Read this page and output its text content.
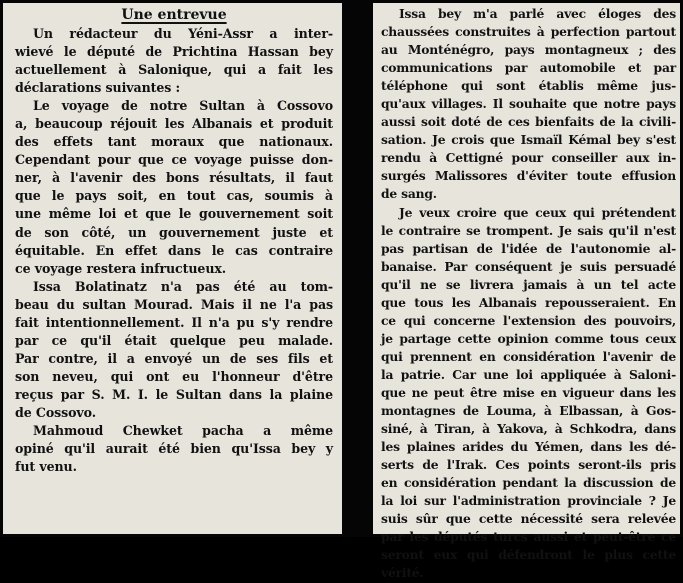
Une entrevue
Un rédacteur du Yéni-Assr a inter-
wievé le député de Prichtina Hassan bey
actuellement à Salonique, qui a fait les
déclarations suivantes :
Le voyage de notre Sultan à Cossovo
a, beaucoup réjouit les Albanais et produit
des effets tant moraux que nationaux.
Cependant pour que ce voyage puisse don-
ner, à l'avenir des bons résultats, il faut
que le pays soit, en tout cas, soumis à
une même loi et que le gouvernement soit
de son côté, un gouvernement juste et
équitable. En effet dans le cas contraire
ce voyage restera infructueux.
Issa Bolatinatz n'a pas été au tom-
beau du sultan Mourad. Mais il ne l'a pas
fait intentionnellement. Il n'a pu s'y rendre
par ce qu'il était quelque peu malade.
Par contre, il a envoyé un de ses fils et
son neveu, qui ont eu l'honneur d'être
reçus par S. M. I. le Sultan dans la plaine
de Cossovo.
Mahmoud Chewket pacha a même
opiné qu'il aurait été bien qu'Issa bey y
fut venu.
Issa bey m'a parlé avec éloges des
chaussées construites à perfection partout
au Monténégro, pays montagneux ; des
communications par automobile et par
téléphone qui sont établis même jus-
qu'aux villages. Il souhaite que notre pays
aussi soit doté de ces bienfaits de la civili-
sation. Je crois que Ismaïl Kémal bey s'est
rendu à Cettigné pour conseiller aux in-
surgés Malissores d'éviter toute effusion
de sang.
Je veux croire que ceux qui prétendent
le contraire se trompent. Je sais qu'il n'est
pas partisan de l'idée de l'autonomie al-
banaise. Par conséquent je suis persuadé
qu'il ne se livrera jamais à un tel acte
que tous les Albanais repousseraient. En
ce qui concerne l'extension des pouvoirs,
je partage cette opinion comme tous ceux
qui prennent en considération l'avenir de
la patrie. Car une loi appliquée à Saloni-
que ne peut être mise en vigueur dans les
montagnes de Louma, à Elbassan, à Gos-
siné, à Tiran, à Yakova, à Schkodra, dans
les plaines arides du Yémen, dans les dé-
serts de l'Irak. Ces points seront-ils pris
en considération pendant la discussion de
la loi sur l'administration provinciale ? Je
suis sûr que cette nécessité sera relevée
par les députés turcs aussi et peut-être ce
seront eux qui défendront le plus cette
vérité.
